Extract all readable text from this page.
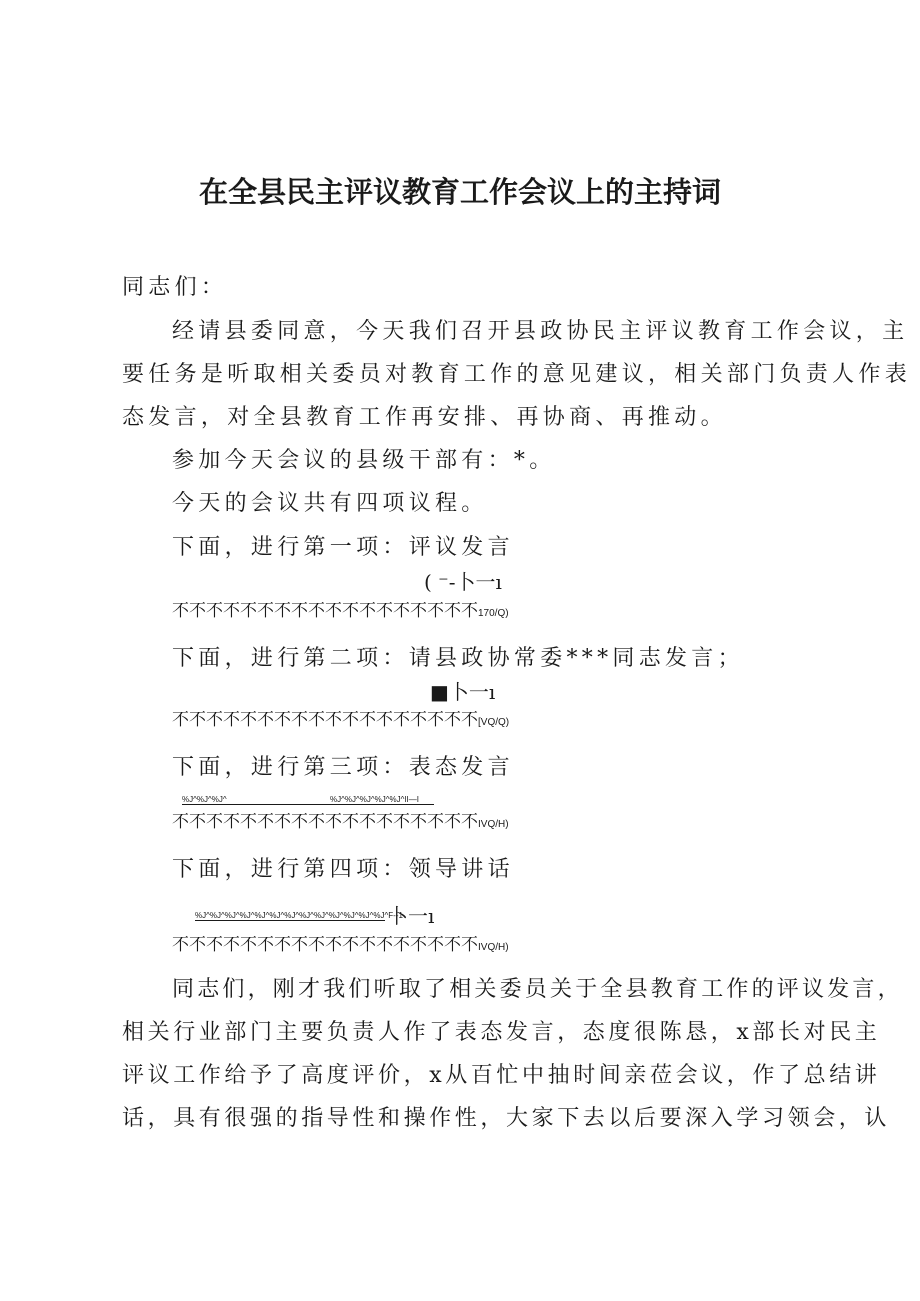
在全县民主评议教育工作会议上的主持词
同志们：
经请县委同意，今天我们召开县政协民主评议教育工作会议，主
要任务是听取相关委员对教育工作的意见建议，相关部门负责人作表
态发言，对全县教育工作再安排、再协商、再推动。
参加今天会议的县级干部有：*。
今天的会议共有四项议程。
下面，进行第一项：评议发言
( ⁻-卜一ı
不不不不不不不不不不不不不不不不不不170/Q)
下面，进行第二项：请县政协常委***同志发言；
■卜一ı
不不不不不不不不不不不不不不不不不不[VQ/Q)
下面，进行第三项：表态发言
%J^%J^%J^	%J^%J^%J^%J^%J^II—I
不不不不不不不不不不不不不不不不不不IVQ/H)
下面，进行第四项：领导讲话
%J^%J^%J^%J^%J^%J^%J^%J^%J^%J^%J^%J^%J^F--1
卜一ı
不不不不不不不不不不不不不不不不不不IVQ/H)
同志们，刚才我们听取了相关委员关于全县教育工作的评议发言，
相关行业部门主要负责人作了表态发言，态度很陈恳，x部长对民主
评议工作给予了高度评价，x从百忙中抽时间亲莅会议，作了总结讲
话，具有很强的指导性和操作性，大家下去以后要深入学习领会，认
